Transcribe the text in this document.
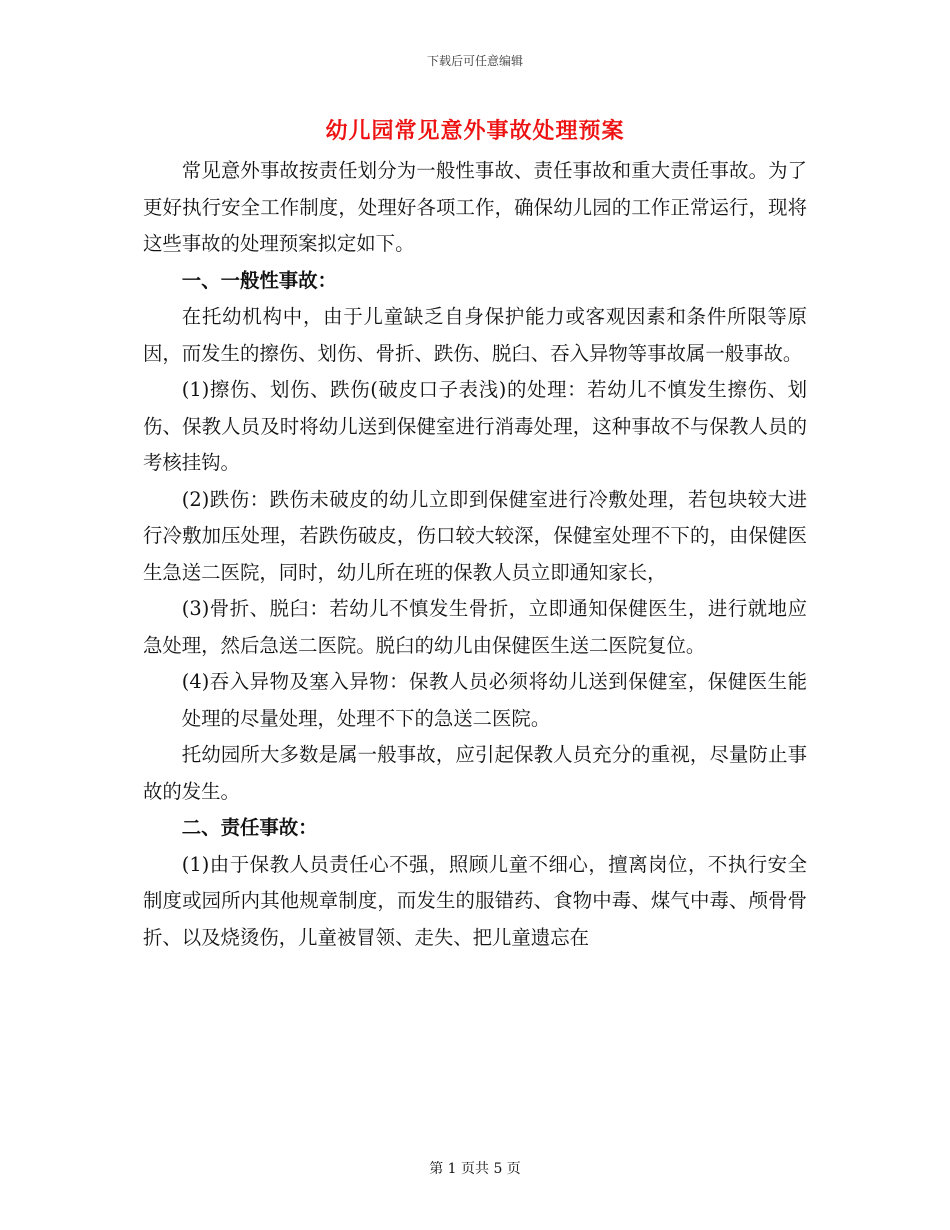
下载后可任意编辑
幼儿园常见意外事故处理预案

常见意外事故按责任划分为一般性事故、责任事故和重大责任事故。为了更好执行安全工作制度，处理好各项工作，确保幼儿园的工作正常运行，现将这些事故的处理预案拟定如下。

一、一般性事故：

在托幼机构中，由于儿童缺乏自身保护能力或客观因素和条件所限等原因，而发生的擦伤、划伤、骨折、跌伤、脱臼、吞入异物等事故属一般事故。

(1)擦伤、划伤、跌伤(破皮口子表浅)的处理：若幼儿不慎发生擦伤、划伤、保教人员及时将幼儿送到保健室进行消毒处理，这种事故不与保教人员的考核挂钩。

(2)跌伤：跌伤未破皮的幼儿立即到保健室进行冷敷处理，若包块较大进行冷敷加压处理，若跌伤破皮，伤口较大较深，保健室处理不下的，由保健医生急送二医院，同时，幼儿所在班的保教人员立即通知家长，

(3)骨折、脱臼：若幼儿不慎发生骨折，立即通知保健医生，进行就地应急处理，然后急送二医院。脱臼的幼儿由保健医生送二医院复位。

(4)吞入异物及塞入异物：保教人员必须将幼儿送到保健室，保健医生能处理的尽量处理，处理不下的急送二医院。

托幼园所大多数是属一般事故，应引起保教人员充分的重视，尽量防止事故的发生。

二、责任事故：

(1)由于保教人员责任心不强，照顾儿童不细心，擅离岗位，不执行安全制度或园所内其他规章制度，而发生的服错药、食物中毒、煤气中毒、颅骨骨折、以及烧烫伤，儿童被冒领、走失、把儿童遗忘在

第 1 页共 5 页
